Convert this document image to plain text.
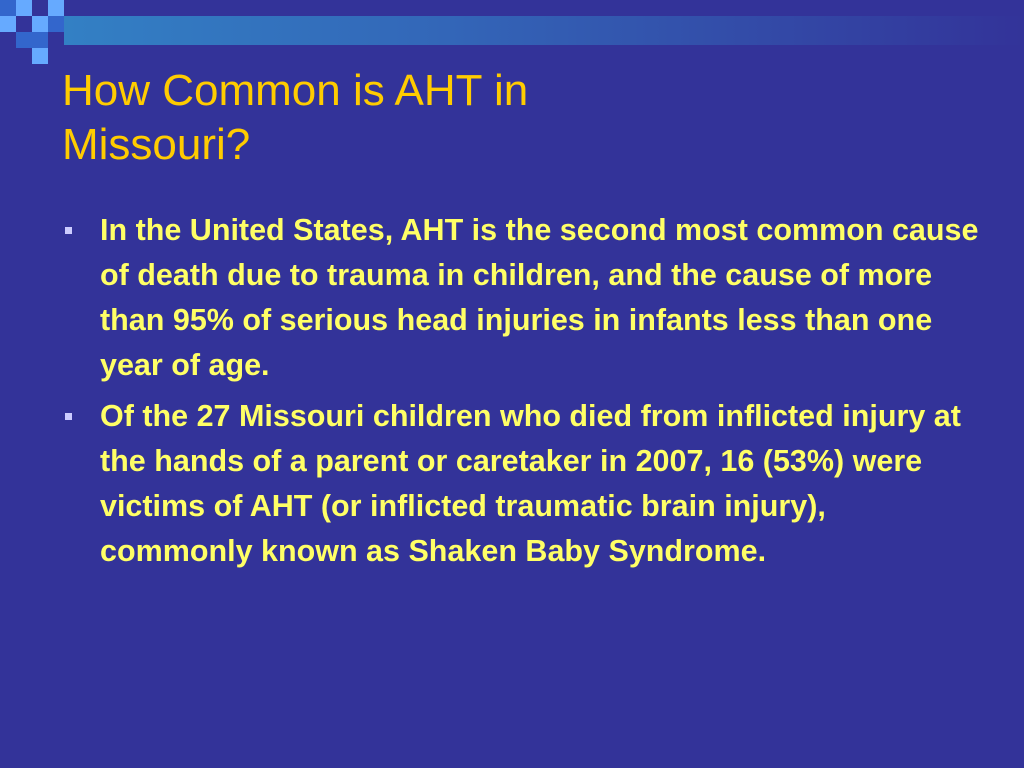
How Common is AHT in
Missouri?
In the United States, AHT is the second most common cause of death due to trauma in children, and the cause of more than 95% of serious head injuries in infants less than one year of age.
Of the 27 Missouri children who died from inflicted injury at the hands of a parent or caretaker in 2007, 16 (53%) were victims of AHT (or inflicted traumatic brain injury), commonly known as Shaken Baby Syndrome.
